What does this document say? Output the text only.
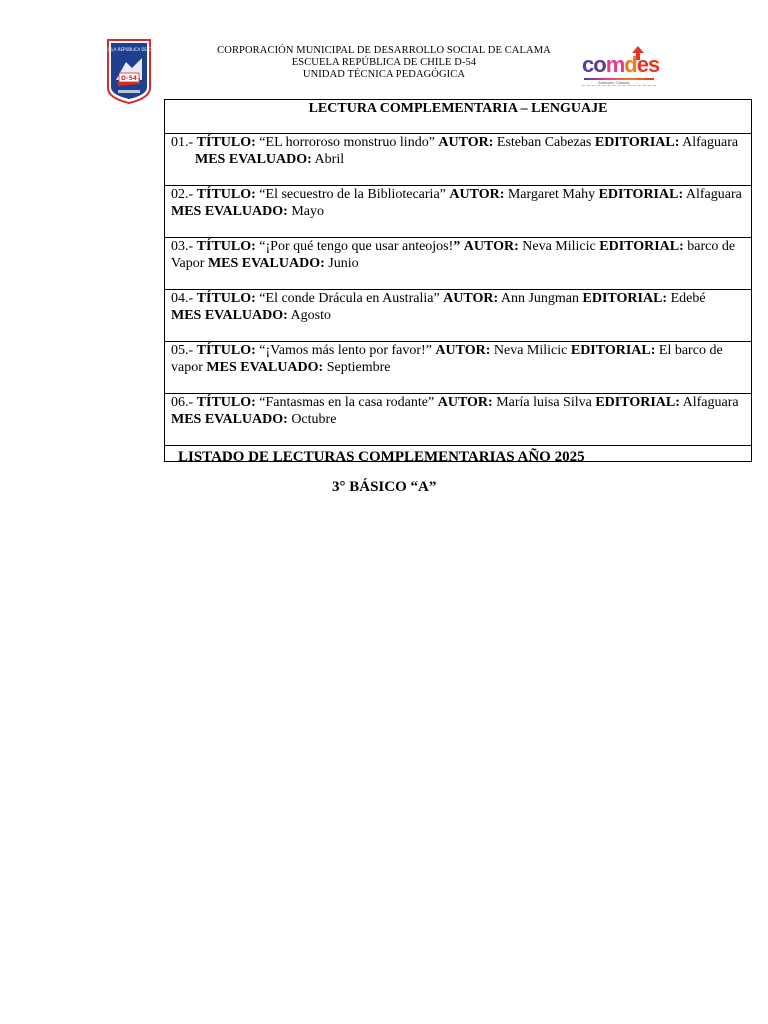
ESCUELA REPÚBLICA DE CHILE
D-54
CORPORACIÓN MUNICIPAL DE DESARROLLO SOCIAL DE CALAMA
ESCUELA REPÚBLICA DE CHILE D-54
UNIDAD TÉCNICA PEDAGÓGICA	comdes
Admisión Calama
LECTURA COMPLEMENTARIA – LENGUAJE
01.- TÍTULO: “EL horroroso monstruo lindo” AUTOR: Esteban Cabezas EDITORIAL: Alfaguara
MES EVALUADO: Abril
02.- TÍTULO: “El secuestro de la Bibliotecaria” AUTOR: Margaret Mahy EDITORIAL: Alfaguara MES EVALUADO: Mayo
03.- TÍTULO: “¡Por qué tengo que usar anteojos!” AUTOR: Neva Milicic EDITORIAL: barco de Vapor MES EVALUADO: Junio
04.- TÍTULO: “El conde Drácula en Australia” AUTOR: Ann Jungman EDITORIAL: Edebé
MES EVALUADO: Agosto
05.- TÍTULO: “¡Vamos más lento por favor!” AUTOR: Neva Milicic EDITORIAL: El barco de vapor MES EVALUADO: Septiembre
06.- TÍTULO: “Fantasmas en la casa rodante” AUTOR: María luisa Silva EDITORIAL: Alfaguara
MES EVALUADO: Octubre

LISTADO DE LECTURAS COMPLEMENTARIAS AÑO 2025
3° BÁSICO “A”
